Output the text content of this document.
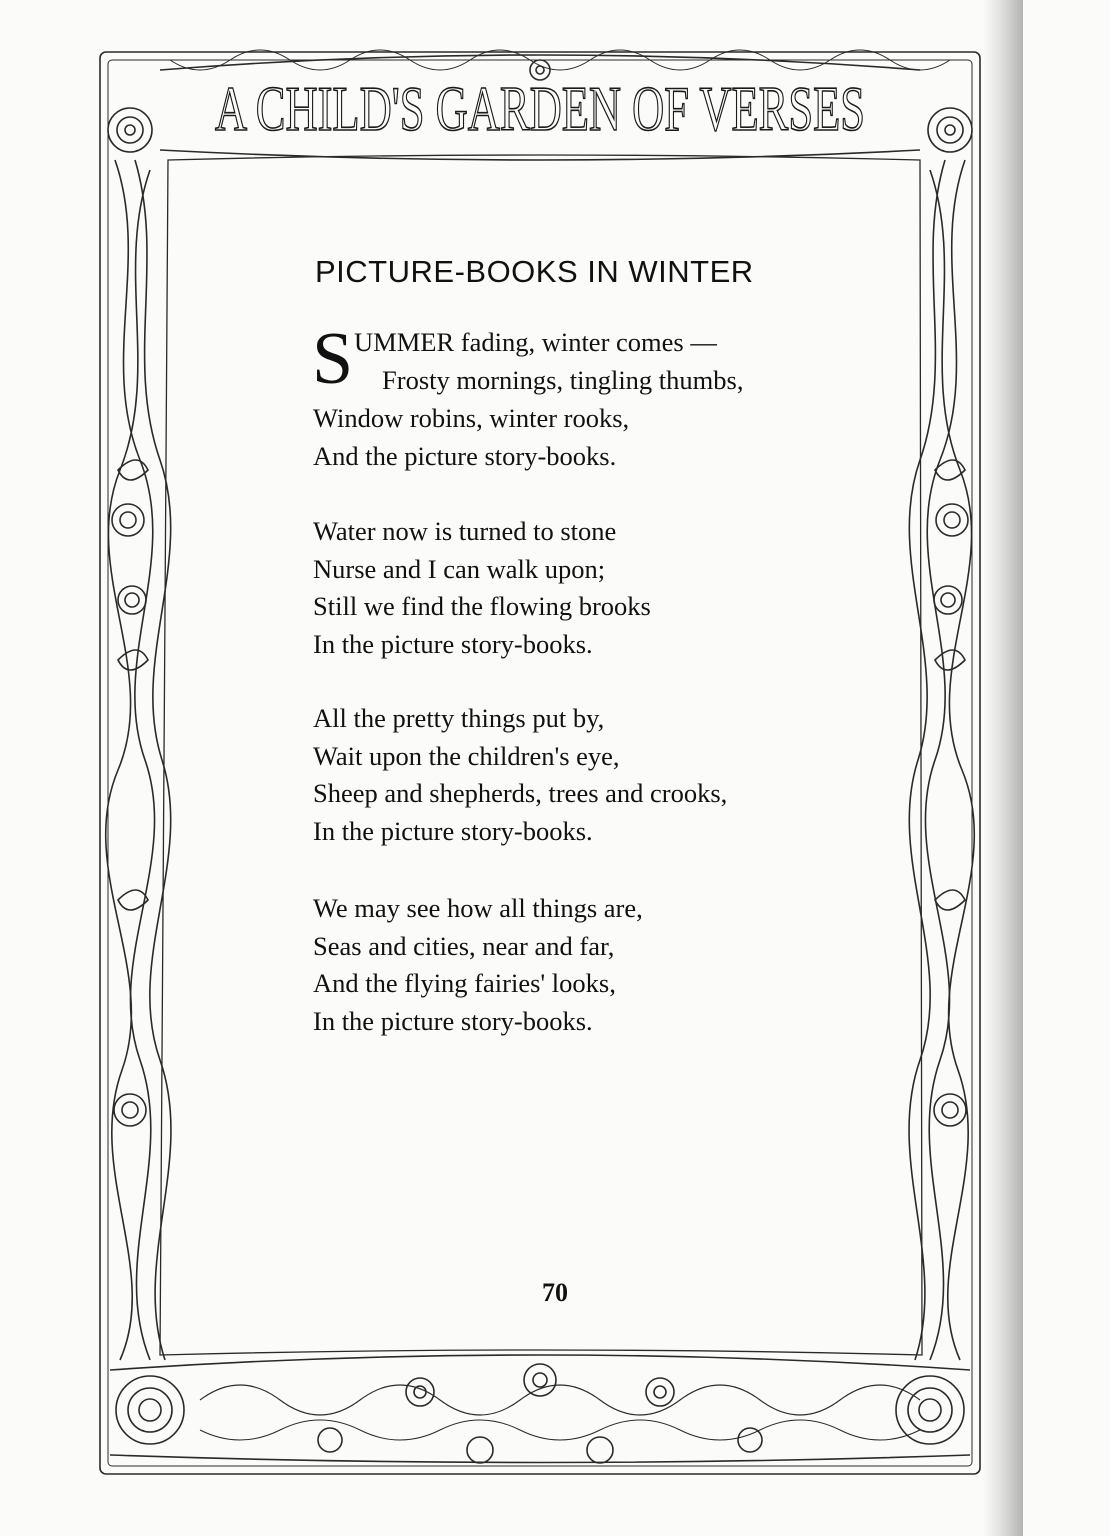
A CHILD'S GARDEN OF VERSES
PICTURE-BOOKS IN WINTER
S UMMER fading, winter comes —
Frosty mornings, tingling thumbs,
Window robins, winter rooks,
And the picture story-books.
Water now is turned to stone
Nurse and I can walk upon;
Still we find the flowing brooks
In the picture story-books.
All the pretty things put by,
Wait upon the children's eye,
Sheep and shepherds, trees and crooks,
In the picture story-books.
We may see how all things are,
Seas and cities, near and far,
And the flying fairies' looks,
In the picture story-books.
70
